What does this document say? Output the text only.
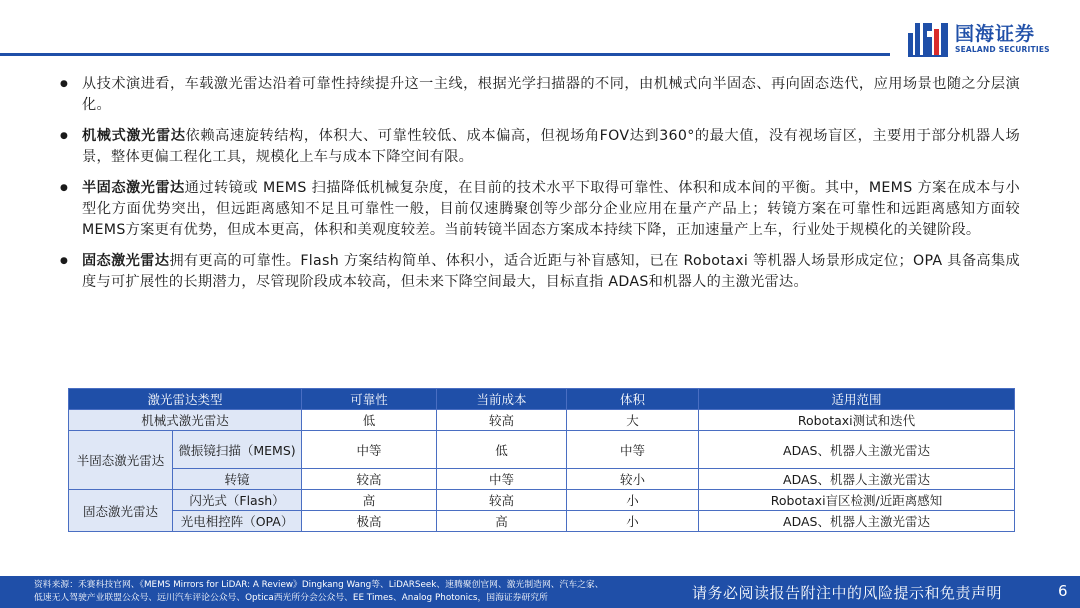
国海证券
SEALAND SECURITIES
● 从技术演进看，车载激光雷达沿着可靠性持续提升这一主线，根据光学扫描器的不同，由机械式向半固态、再向固态迭代，应用场景也随之分层演化。
● 机械式激光雷达依赖高速旋转结构，体积大、可靠性较低、成本偏高，但视场角FOV达到360°的最大值，没有视场盲区，主要用于部分机器人场景，整体更偏工程化工具，规模化上车与成本下降空间有限。
● 半固态激光雷达通过转镜或 MEMS 扫描降低机械复杂度，在目前的技术水平下取得可靠性、体积和成本间的平衡。其中，MEMS 方案在成本与小型化方面优势突出，但远距离感知不足且可靠性一般，目前仅速腾聚创等少部分企业应用在量产产品上；转镜方案在可靠性和远距离感知方面较MEMS方案更有优势，但成本更高，体积和美观度较差。当前转镜半固态方案成本持续下降，正加速量产上车，行业处于规模化的关键阶段。
● 固态激光雷达拥有更高的可靠性。Flash 方案结构简单、体积小，适合近距与补盲感知，已在 Robotaxi 等机器人场景形成定位；OPA 具备高集成度与可扩展性的长期潜力，尽管现阶段成本较高，但未来下降空间最大，目标直指 ADAS和机器人的主激光雷达。
激光雷达类型		可靠性	当前成本	体积	适用范围
机械式激光雷达		低	较高	大	Robotaxi测试和迭代
半固态激光雷达	微振镜扫描（MEMS)	中等	低	中等	ADAS、机器人主激光雷达
	转镜	较高	中等	较小	ADAS、机器人主激光雷达
固态激光雷达	闪光式（Flash）	高	较高	小	Robotaxi盲区检测/近距离感知
	光电相控阵（OPA）	极高	高	小	ADAS、机器人主激光雷达
资料来源：禾赛科技官网、《MEMS Mirrors for LiDAR: A Review》Dingkang Wang等、LiDARSeek、速腾聚创官网、激光制造网、汽车之家、
低速无人驾驶产业联盟公众号、远川汽车评论公众号、Optica西光所分会公众号、EE Times、Analog Photonics，国海证券研究所	请务必阅读报告附注中的风险提示和免责声明	6
